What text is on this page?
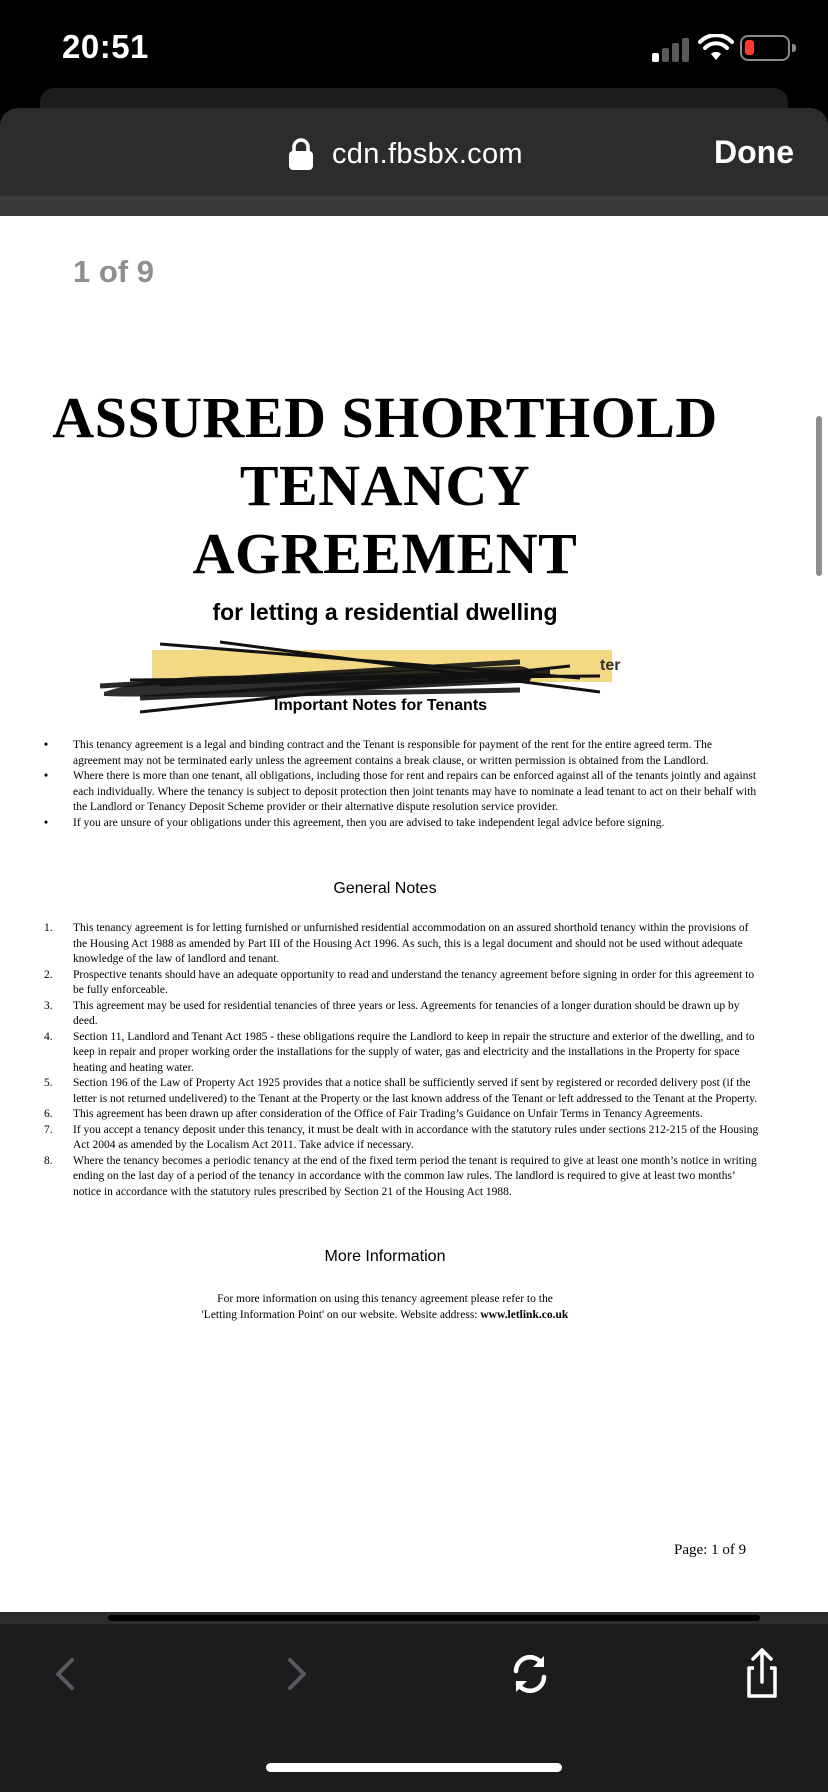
20:51
cdn.fbsbx.com	Done
1 of 9
ASSURED SHORTHOLD
TENANCY
AGREEMENT
for letting a residential dwelling
ter
Important Notes for Tenants
• This tenancy agreement is a legal and binding contract and the Tenant is responsible for payment of the rent for the entire agreed term. The agreement may not be terminated early unless the agreement contains a break clause, or written permission is obtained from the Landlord.
• Where there is more than one tenant, all obligations, including those for rent and repairs can be enforced against all of the tenants jointly and against each individually. Where the tenancy is subject to deposit protection then joint tenants may have to nominate a lead tenant to act on their behalf with the Landlord or Tenancy Deposit Scheme provider or their alternative dispute resolution service provider.
• If you are unsure of your obligations under this agreement, then you are advised to take independent legal advice before signing.
General Notes
1. This tenancy agreement is for letting furnished or unfurnished residential accommodation on an assured shorthold tenancy within the provisions of the Housing Act 1988 as amended by Part III of the Housing Act 1996. As such, this is a legal document and should not be used without adequate knowledge of the law of landlord and tenant.
2. Prospective tenants should have an adequate opportunity to read and understand the tenancy agreement before signing in order for this agreement to be fully enforceable.
3. This agreement may be used for residential tenancies of three years or less. Agreements for tenancies of a longer duration should be drawn up by deed.
4. Section 11, Landlord and Tenant Act 1985 - these obligations require the Landlord to keep in repair the structure and exterior of the dwelling, and to keep in repair and proper working order the installations for the supply of water, gas and electricity and the installations in the Property for space heating and heating water.
5. Section 196 of the Law of Property Act 1925 provides that a notice shall be sufficiently served if sent by registered or recorded delivery post (if the letter is not returned undelivered) to the Tenant at the Property or the last known address of the Tenant or left addressed to the Tenant at the Property.
6. This agreement has been drawn up after consideration of the Office of Fair Trading’s Guidance on Unfair Terms in Tenancy Agreements.
7. If you accept a tenancy deposit under this tenancy, it must be dealt with in accordance with the statutory rules under sections 212-215 of the Housing Act 2004 as amended by the Localism Act 2011. Take advice if necessary.
8. Where the tenancy becomes a periodic tenancy at the end of the fixed term period the tenant is required to give at least one month’s notice in writing ending on the last day of a period of the tenancy in accordance with the common law rules. The landlord is required to give at least two months’ notice in accordance with the statutory rules prescribed by Section 21 of the Housing Act 1988.
More Information
For more information on using this tenancy agreement please refer to the
'Letting Information Point' on our website. Website address: www.letlink.co.uk
Page: 1 of 9
